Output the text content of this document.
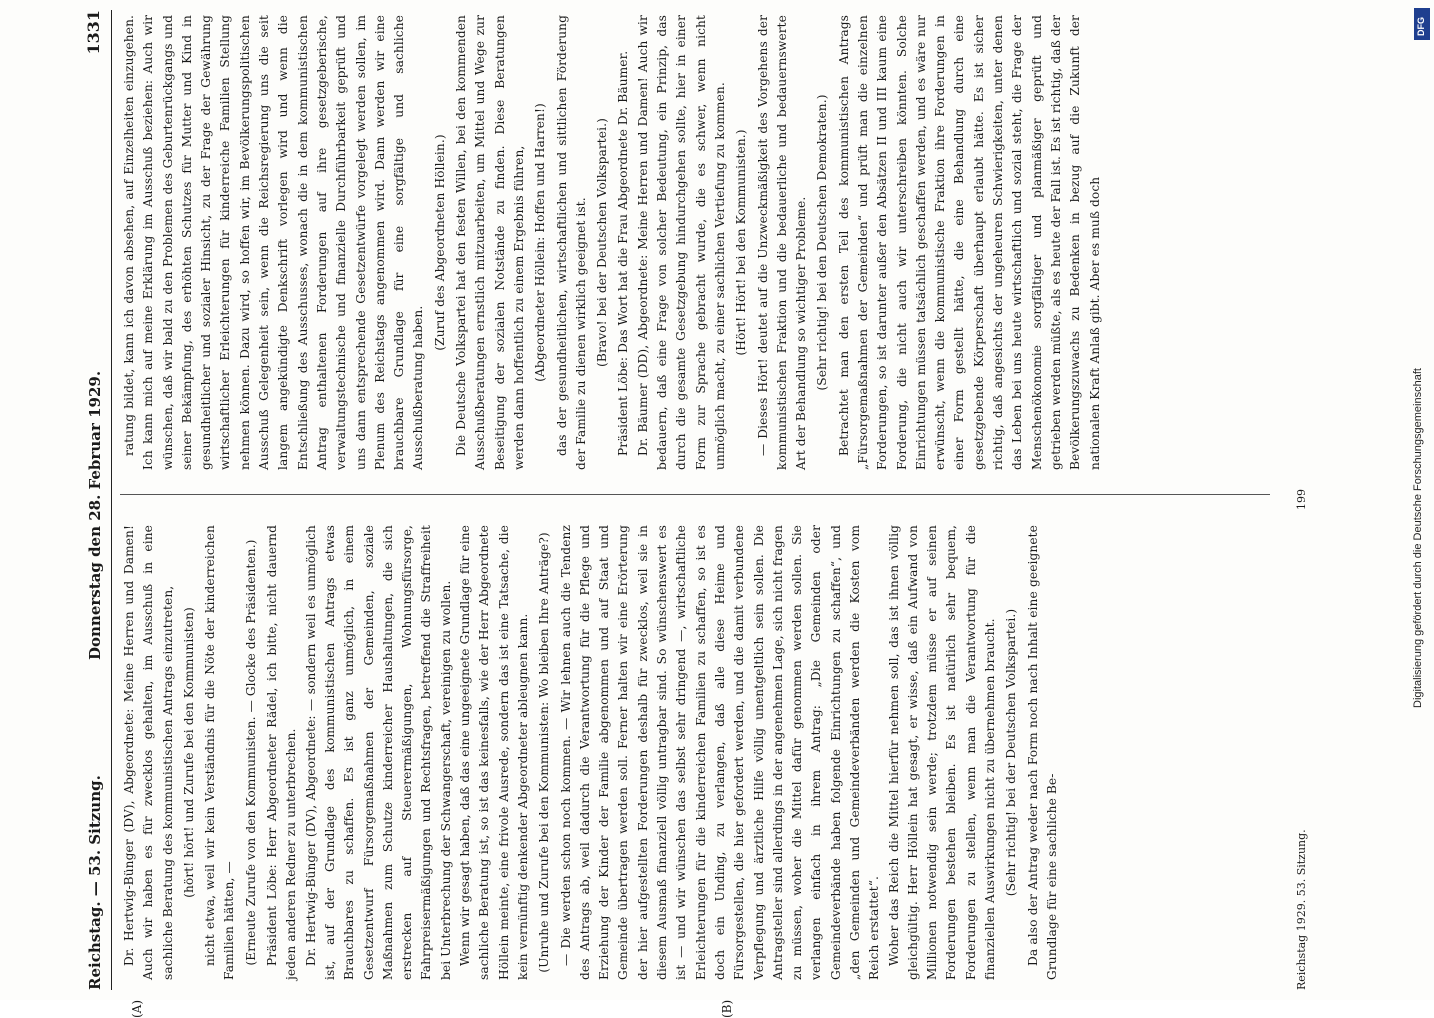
Reichstag. — 53. Sitzung.
Donnerstag den 28. Februar 1929.
1331
(A)	(B)

Dr. Hertwig-Bünger (DV), Abgeordnete: Meine Herren und Damen! Auch wir haben es für zwecklos gehalten, im Ausschuß in eine sachliche Beratung des kommunistischen Antrags einzutreten, (hört! hört! und Zurufe bei den Kommunisten) nicht etwa, weil wir kein Verständnis für die Nöte der kinderreichen Familien hätten, — (Erneute Zurufe von den Kommunisten. — Glocke des Präsidenten.) Präsident Löbe: Herr Abgeordneter Rädel, ich bitte, nicht dauernd jeden anderen Redner zu unterbrechen. Dr. Hertwig-Bünger (DV), Abgeordnete: — sondern weil es unmöglich ist, auf der Grundlage des kommunistischen Antrags etwas Brauchbares zu schaffen. Es ist ganz unmöglich, in einem Gesetzentwurf Fürsorgemaßnahmen der Gemeinden, soziale Maßnahmen zum Schutze kinderreicher Haushaltungen, die sich erstrecken auf Steuerermäßigungen, Wohnungsfürsorge, Fahrpreisermäßigungen und Rechtsfragen, betreffend die Straffreiheit bei Unterbrechung der Schwangerschaft, vereinigen zu wollen. Wenn wir gesagt haben, daß das eine ungeeignete Grundlage für eine sachliche Beratung ist, so ist das keinesfalls, wie der Herr Abgeordnete Höllein meinte, eine frivole Ausrede, sondern das ist eine Tatsache, die kein vernünftig denkender Abgeordneter ableugnen kann. (Unruhe und Zurufe bei den Kommunisten: Wo bleiben Ihre Anträge?) — Die werden schon noch kommen. — Wir lehnen auch die Tendenz des Antrags ab, weil dadurch die Verantwortung für die Pflege und Erziehung der Kinder der Familie abgenommen und auf Staat und Gemeinde übertragen werden soll. Ferner halten wir eine Erörterung der hier aufgestellten Forderungen deshalb für zwecklos, weil sie in diesem Ausmaß finanziell völlig untragbar sind. So wünschenswert es ist — und wir wünschen das selbst sehr dringend —, wirtschaftliche Erleichterungen für die kinderreichen Familien zu schaffen, so ist es doch ein Unding, zu verlangen, daß alle diese Heime und Fürsorgestellen, die hier gefordert werden, und die damit verbundene Verpflegung und ärztliche Hilfe völlig unentgeltlich sein sollen. Die Antragsteller sind allerdings in der angenehmen Lage, sich nicht fragen zu müssen, woher die Mittel dafür genommen werden sollen. Sie verlangen einfach in ihrem Antrag: „Die Gemeinden oder Gemeindeverbände haben folgende Einrichtungen zu schaffen“, und „den Gemeinden und Gemeindeverbänden werden die Kosten vom Reich erstattet“. Woher das Reich die Mittel hierfür nehmen soll, das ist ihnen völlig gleichgültig. Herr Höllein hat gesagt, er wisse, daß ein Aufwand von Millionen notwendig sein werde; trotzdem müsse er auf seinen Forderungen bestehen bleiben. Es ist natürlich sehr bequem, Forderungen zu stellen, wenn man die Verantwortung für die finanziellen Auswirkungen nicht zu übernehmen braucht. (Sehr richtig! bei der Deutschen Volkspartei.) Da also der Antrag weder nach Form noch nach Inhalt eine geeignete Grundlage für eine sachliche Be-

ratung bildet, kann ich davon absehen, auf Einzelheiten einzugehen. Ich kann mich auf meine Erklärung im Ausschuß beziehen: Auch wir wünschen, daß wir bald zu den Problemen des Geburtenrückgangs und seiner Bekämpfung, des erhöhten Schutzes für Mutter und Kind in gesundheitlicher und sozialer Hinsicht, zu der Frage der Gewährung wirtschaftlicher Erleichterungen für kinderreiche Familien Stellung nehmen können. Dazu wird, so hoffen wir, im Bevölkerungspolitischen Ausschuß Gelegenheit sein, wenn die Reichsregierung uns die seit langem angekündigte Denkschrift vorlegen wird und wenn die Entschließung des Ausschusses, wonach die in dem kommunistischen Antrag enthaltenen Forderungen auf ihre gesetzgeberische, verwaltungstechnische und finanzielle Durchführbarkeit geprüft und uns dann entsprechende Gesetzentwürfe vorgelegt werden sollen, im Plenum des Reichstags angenommen wird. Dann werden wir eine brauchbare Grundlage für eine sorgfältige und sachliche Ausschußberatung haben.

(Zuruf des Abgeordneten Höllein.) Die Deutsche Volkspartei hat den festen Willen, bei den kommenden Ausschußberatungen ernstlich mitzuarbeiten, um Mittel und Wege zur Beseitigung der sozialen Notstände zu finden. Diese Beratungen werden dann hoffentlich zu einem Ergebnis führen, (Abgeordneter Höllein: Hoffen und Harren!) das der gesundheitlichen, wirtschaftlichen und sittlichen Förderung der Familie zu dienen wirklich geeignet ist. (Bravo! bei der Deutschen Volkspartei.) Präsident Löbe: Das Wort hat die Frau Abgeordnete Dr. Bäumer. Dr. Bäumer (DD), Abgeordnete: Meine Herren und Damen! Auch wir bedauern, daß eine Frage von solcher Bedeutung, ein Prinzip, das durch die gesamte Gesetzgebung hindurchgehen sollte, hier in einer Form zur Sprache gebracht wurde, die es schwer, wenn nicht unmöglich macht, zu einer sachlichen Vertiefung zu kommen. (Hört! Hört! bei den Kommunisten.) — Dieses Hört! deutet auf die Unzweckmäßigkeit des Vorgehens der kommunistischen Fraktion und die bedauerliche und bedauernswerte Art der Behandlung so wichtiger Probleme. (Sehr richtig! bei den Deutschen Demokraten.) Betrachtet man den ersten Teil des kommunistischen Antrags „Fürsorgemaßnahmen der Gemeinden“ und prüft man die einzelnen Forderungen, so ist darunter außer den Absätzen II und III kaum eine Forderung, die nicht auch wir unterschreiben könnten. Solche Einrichtungen müssen tatsächlich geschaffen werden, und es wäre nur erwünscht, wenn die kommunistische Fraktion ihre Forderungen in einer Form gestellt hätte, die eine Behandlung durch eine gesetzgebende Körperschaft überhaupt erlaubt hätte. Es ist sicher richtig, daß angesichts der ungeheuren Schwierigkeiten, unter denen das Leben bei uns heute wirtschaftlich und sozial steht, die Frage der Menschenökonomie sorgfältiger und planmäßiger geprüft und getrieben werden müßte, als es heute der Fall ist. Es ist richtig, daß der Bevölkerungszuwachs zu Bedenken in bezug auf die Zukunft der nationalen Kraft Anlaß gibt. Aber es muß doch

Reichstag 1929. 53. Sitzung.
199
DFG
Digitalisierung gefördert durch die Deutsche Forschungsgemeinschaft
